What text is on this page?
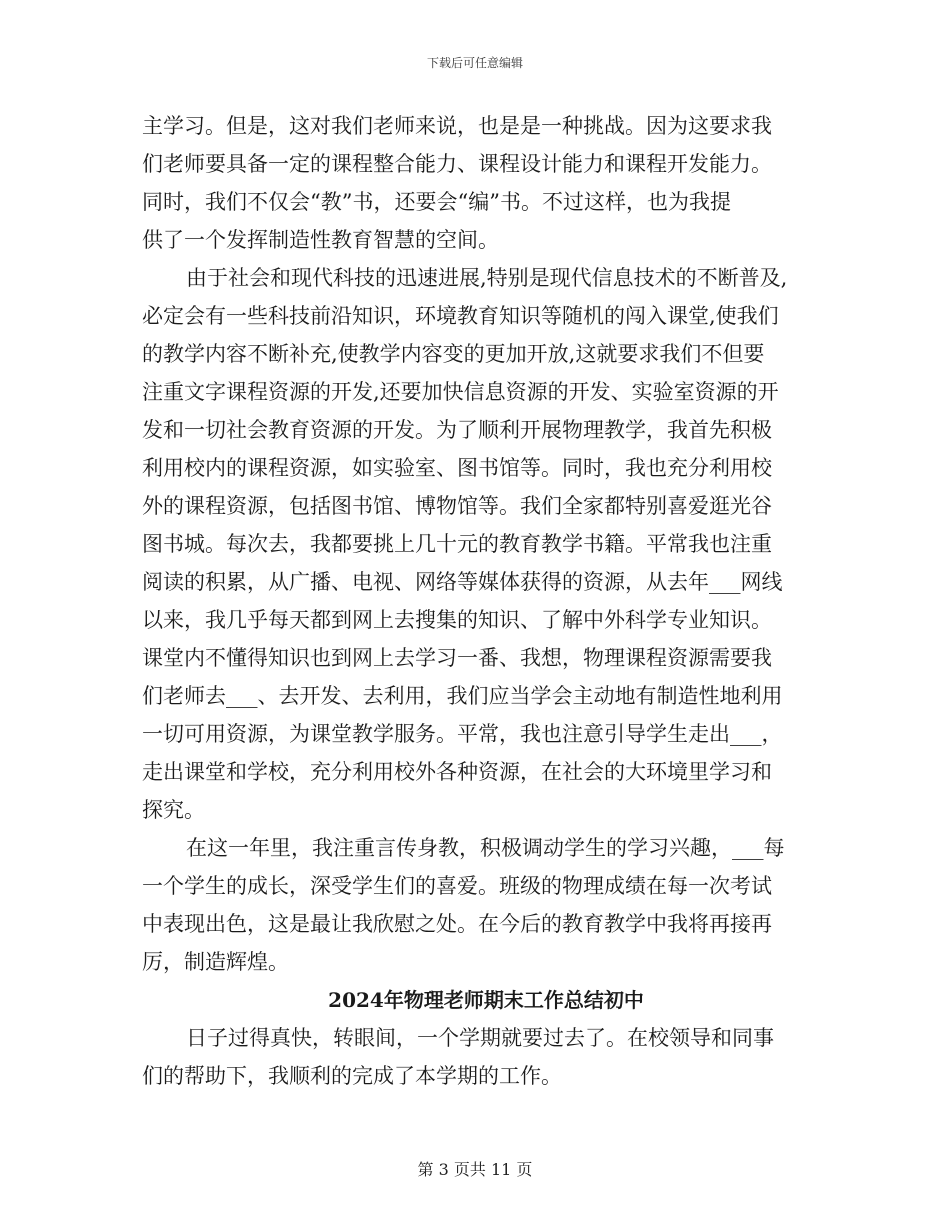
下载后可任意编辑
主学习。但是，这对我们老师来说，也是是一种挑战。因为这要求我
们老师要具备一定的课程整合能力、课程设计能力和课程开发能力。
同时，我们不仅会“教”书，还要会“编”书。不过这样，也为我提
供了一个发挥制造性教育智慧的空间。
由于社会和现代科技的迅速进展,特别是现代信息技术的不断普及,
必定会有一些科技前沿知识，环境教育知识等随机的闯入课堂,使我们
的教学内容不断补充,使教学内容变的更加开放,这就要求我们不但要
注重文字课程资源的开发,还要加快信息资源的开发、实验室资源的开
发和一切社会教育资源的开发。为了顺利开展物理教学，我首先积极
利用校内的课程资源，如实验室、图书馆等。同时，我也充分利用校
外的课程资源，包括图书馆、博物馆等。我们全家都特别喜爱逛光谷
图书城。每次去，我都要挑上几十元的教育教学书籍。平常我也注重
阅读的积累，从广播、电视、网络等媒体获得的资源，从去年___网线
以来，我几乎每天都到网上去搜集的知识、了解中外科学专业知识。
课堂内不懂得知识也到网上去学习一番、我想，物理课程资源需要我
们老师去___、去开发、去利用，我们应当学会主动地有制造性地利用
一切可用资源，为课堂教学服务。平常，我也注意引导学生走出___，
走出课堂和学校，充分利用校外各种资源，在社会的大环境里学习和
探究。
在这一年里，我注重言传身教，积极调动学生的学习兴趣，___每
一个学生的成长，深受学生们的喜爱。班级的物理成绩在每一次考试
中表现出色，这是最让我欣慰之处。在今后的教育教学中我将再接再
厉，制造辉煌。
2024年物理老师期末工作总结初中
日子过得真快，转眼间，一个学期就要过去了。在校领导和同事
们的帮助下，我顺利的完成了本学期的工作。
第 3 页共 11 页
